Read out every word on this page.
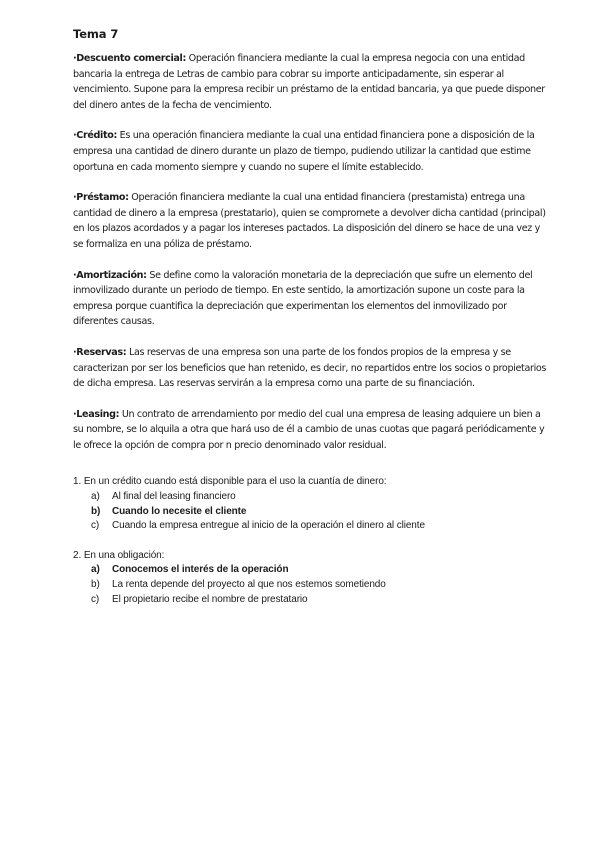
Tema 7

·Descuento comercial: Operación financiera mediante la cual la empresa negocia con una entidad bancaria la entrega de Letras de cambio para cobrar su importe anticipadamente, sin esperar al vencimiento. Supone para la empresa recibir un préstamo de la entidad bancaria, ya que puede disponer del dinero antes de la fecha de vencimiento.

·Crédito: Es una operación financiera mediante la cual una entidad financiera pone a disposición de la empresa una cantidad de dinero durante un plazo de tiempo, pudiendo utilizar la cantidad que estime oportuna en cada momento siempre y cuando no supere el límite establecido.

·Préstamo: Operación financiera mediante la cual una entidad financiera (prestamista) entrega una cantidad de dinero a la empresa (prestatario), quien se compromete a devolver dicha cantidad (principal) en los plazos acordados y a pagar los intereses pactados. La disposición del dinero se hace de una vez y se formaliza en una póliza de préstamo.

·Amortización: Se define como la valoración monetaria de la depreciación que sufre un elemento del inmovilizado durante un periodo de tiempo. En este sentido, la amortización supone un coste para la empresa porque cuantifica la depreciación que experimentan los elementos del inmovilizado por diferentes causas.

·Reservas: Las reservas de una empresa son una parte de los fondos propios de la empresa y se caracterizan por ser los beneficios que han retenido, es decir, no repartidos entre los socios o propietarios de dicha empresa. Las reservas servirán a la empresa como una parte de su financiación.

·Leasing: Un contrato de arrendamiento por medio del cual una empresa de leasing adquiere un bien a su nombre, se lo alquila a otra que hará uso de él a cambio de unas cuotas que pagará periódicamente y le ofrece la opción de compra por n precio denominado valor residual.

1. En un crédito cuando está disponible para el uso la cuantía de dinero:
a)	Al final del leasing financiero
b)	Cuando lo necesite el cliente
c)	Cuando la empresa entregue al inicio de la operación el dinero al cliente
2. En una obligación:
a)	Conocemos el interés de la operación
b)	La renta depende del proyecto al que nos estemos sometiendo
c)	El propietario recibe el nombre de prestatario
